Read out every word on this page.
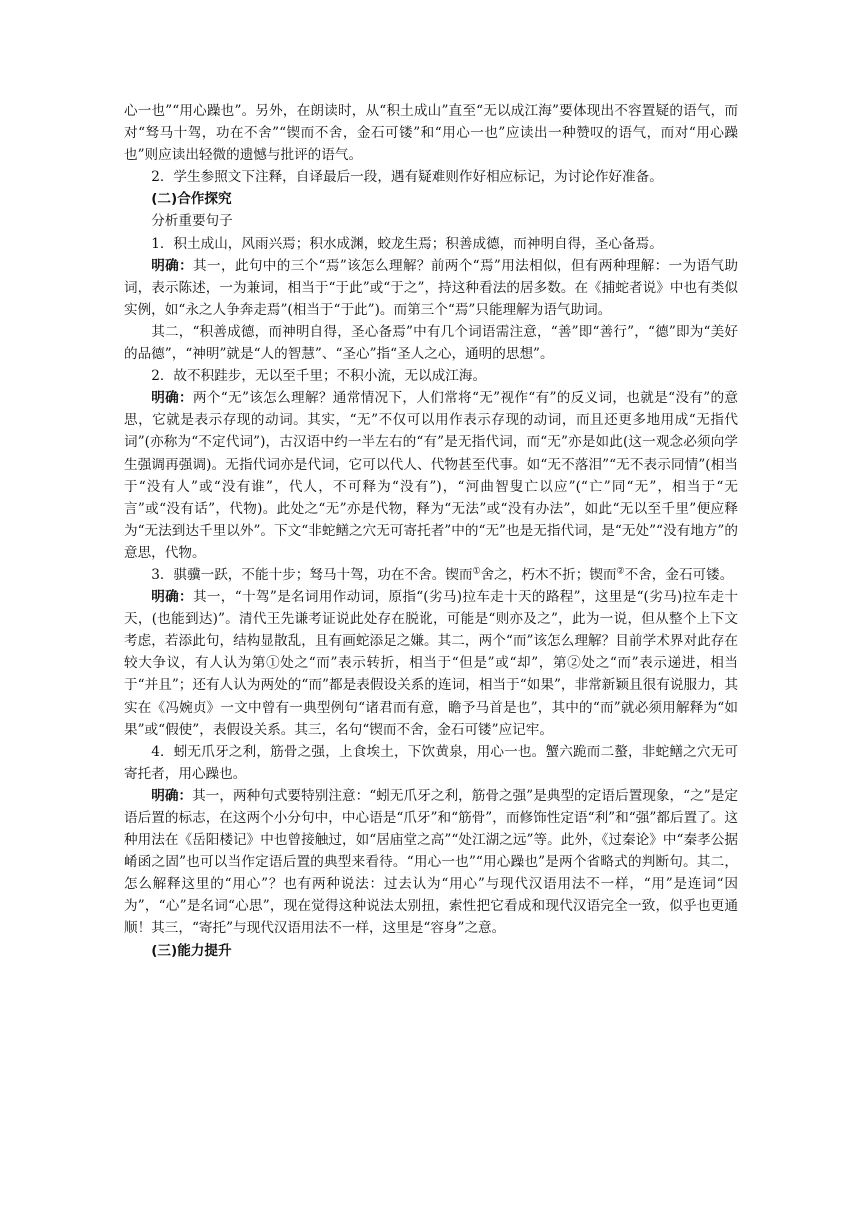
心一也”“用心躁也”。另外，在朗读时，从“积土成山”直至“无以成江海”要体现出不容置疑的语气，而对“驽马十驾，功在不舍”“锲而不舍，金石可镂”和“用心一也”应读出一种赞叹的语气，而对“用心躁也”则应读出轻微的遗憾与批评的语气。

2．学生参照文下注释，自译最后一段，遇有疑难则作好相应标记，为讨论作好准备。

(二)合作探究

分析重要句子

1．积土成山，风雨兴焉；积水成渊，蛟龙生焉；积善成德，而神明自得，圣心备焉。

明确：其一，此句中的三个“焉”该怎么理解？前两个“焉”用法相似，但有两种理解：一为语气助词，表示陈述，一为兼词，相当于“于此”或“于之”，持这种看法的居多数。在《捕蛇者说》中也有类似实例，如“永之人争奔走焉”(相当于“于此”)。而第三个“焉”只能理解为语气助词。

其二，“积善成德，而神明自得，圣心备焉”中有几个词语需注意，“善”即“善行”，“德”即为“美好的品德”，“神明”就是“人的智慧”、“圣心”指“圣人之心，通明的思想”。

2．故不积跬步，无以至千里；不积小流，无以成江海。

明确：两个“无”该怎么理解？通常情况下，人们常将“无”视作“有”的反义词，也就是“没有”的意思，它就是表示存现的动词。其实，“无”不仅可以用作表示存现的动词，而且还更多地用成“无指代词”(亦称为“不定代词”)，古汉语中约一半左右的“有”是无指代词，而“无”亦是如此(这一观念必须向学生强调再强调)。无指代词亦是代词，它可以代人、代物甚至代事。如“无不落泪”“无不表示同情”(相当于“没有人”或“没有谁”，代人，不可释为“没有”)，“河曲智叟亡以应”(“亡”同“无”，相当于“无言”或“没有话”，代物)。此处之“无”亦是代物，释为“无法”或“没有办法”，如此“无以至千里”便应释为“无法到达千里以外”。下文“非蛇鳝之穴无可寄托者”中的“无”也是无指代词，是“无处”“没有地方”的意思，代物。

3．骐骥一跃，不能十步；驽马十驾，功在不舍。锲而①舍之，朽木不折；锲而②不舍，金石可镂。

明确：其一，“十驾”是名词用作动词，原指“(劣马)拉车走十天的路程”，这里是“(劣马)拉车走十天，(也能到达)”。清代王先谦考证说此处存在脱讹，可能是“则亦及之”，此为一说，但从整个上下文考虑，若添此句，结构显散乱，且有画蛇添足之嫌。其二，两个“而”该怎么理解？目前学术界对此存在较大争议，有人认为第①处之“而”表示转折，相当于“但是”或“却”，第②处之“而”表示递进，相当于“并且”；还有人认为两处的“而”都是表假设关系的连词，相当于“如果”，非常新颖且很有说服力，其实在《冯婉贞》一文中曾有一典型例句“诸君而有意，瞻予马首是也”，其中的“而”就必须用解释为“如果”或“假使”，表假设关系。其三，名句“锲而不舍，金石可镂”应记牢。

4．蚓无爪牙之利，筋骨之强，上食埃土，下饮黄泉，用心一也。蟹六跪而二螯，非蛇鳝之穴无可寄托者，用心躁也。

明确：其一，两种句式要特别注意：“蚓无爪牙之利，筋骨之强”是典型的定语后置现象，“之”是定语后置的标志，在这两个小分句中，中心语是“爪牙”和“筋骨”，而修饰性定语“利”和“强”都后置了。这种用法在《岳阳楼记》中也曾接触过，如“居庙堂之高”“处江湖之远”等。此外，《过秦论》中“秦孝公据崤函之固”也可以当作定语后置的典型来看待。“用心一也”“用心躁也”是两个省略式的判断句。其二，怎么解释这里的“用心”？也有两种说法：过去认为“用心”与现代汉语用法不一样，“用”是连词“因为”，“心”是名词“心思”，现在觉得这种说法太别扭，索性把它看成和现代汉语完全一致，似乎也更通顺！其三，“寄托”与现代汉语用法不一样，这里是“容身”之意。

(三)能力提升
